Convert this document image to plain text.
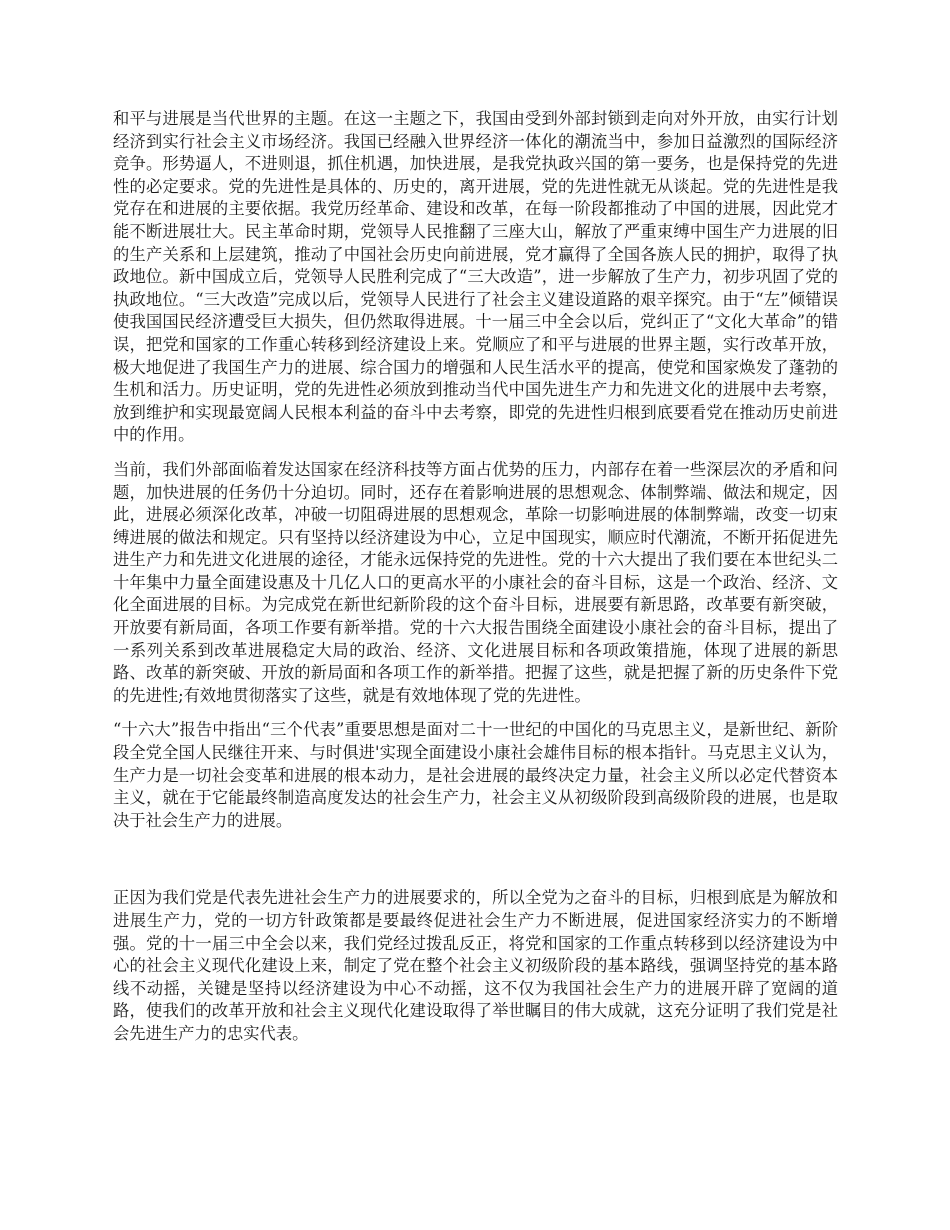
和平与进展是当代世界的主题。在这一主题之下，我国由受到外部封锁到走向对外开放，由实行计划经济到实行社会主义市场经济。我国已经融入世界经济一体化的潮流当中，参加日益激烈的国际经济竞争。形势逼人，不进则退，抓住机遇，加快进展，是我党执政兴国的第一要务，也是保持党的先进性的必定要求。党的先进性是具体的、历史的，离开进展，党的先进性就无从谈起。党的先进性是我党存在和进展的主要依据。我党历经革命、建设和改革，在每一阶段都推动了中国的进展，因此党才能不断进展壮大。民主革命时期，党领导人民推翻了三座大山，解放了严重束缚中国生产力进展的旧的生产关系和上层建筑，推动了中国社会历史向前进展，党才赢得了全国各族人民的拥护，取得了执政地位。新中国成立后，党领导人民胜利完成了“三大改造”，进一步解放了生产力，初步巩固了党的执政地位。“三大改造”完成以后，党领导人民进行了社会主义建设道路的艰辛探究。由于“左”倾错误使我国国民经济遭受巨大损失，但仍然取得进展。十一届三中全会以后，党纠正了“文化大革命”的错误，把党和国家的工作重心转移到经济建设上来。党顺应了和平与进展的世界主题，实行改革开放，极大地促进了我国生产力的进展、综合国力的增强和人民生活水平的提高，使党和国家焕发了蓬勃的生机和活力。历史证明，党的先进性必须放到推动当代中国先进生产力和先进文化的进展中去考察，放到维护和实现最宽阔人民根本利益的奋斗中去考察，即党的先进性归根到底要看党在推动历史前进中的作用。

当前，我们外部面临着发达国家在经济科技等方面占优势的压力，内部存在着一些深层次的矛盾和问题，加快进展的任务仍十分迫切。同时，还存在着影响进展的思想观念、体制弊端、做法和规定，因此，进展必须深化改革，冲破一切阻碍进展的思想观念，革除一切影响进展的体制弊端，改变一切束缚进展的做法和规定。只有坚持以经济建设为中心，立足中国现实，顺应时代潮流，不断开拓促进先进生产力和先进文化进展的途径，才能永远保持党的先进性。党的十六大提出了我们要在本世纪头二十年集中力量全面建设惠及十几亿人口的更高水平的小康社会的奋斗目标，这是一个政治、经济、文化全面进展的目标。为完成党在新世纪新阶段的这个奋斗目标，进展要有新思路，改革要有新突破，开放要有新局面，各项工作要有新举措。党的十六大报告围绕全面建设小康社会的奋斗目标，提出了一系列关系到改革进展稳定大局的政治、经济、文化进展目标和各项政策措施，体现了进展的新思路、改革的新突破、开放的新局面和各项工作的新举措。把握了这些，就是把握了新的历史条件下党的先进性;有效地贯彻落实了这些，就是有效地体现了党的先进性。

“十六大”报告中指出“三个代表”重要思想是面对二十一世纪的中国化的马克思主义，是新世纪、新阶段全党全国人民继往开来、与时俱进'实现全面建设小康社会雄伟目标的根本指针。马克思主义认为，生产力是一切社会变革和进展的根本动力，是社会进展的最终决定力量，社会主义所以必定代替资本主义，就在于它能最终制造高度发达的社会生产力，社会主义从初级阶段到高级阶段的进展，也是取决于社会生产力的进展。

正因为我们党是代表先进社会生产力的进展要求的，所以全党为之奋斗的目标，归根到底是为解放和进展生产力，党的一切方针政策都是要最终促进社会生产力不断进展，促进国家经济实力的不断增强。党的十一届三中全会以来，我们党经过拨乱反正，将党和国家的工作重点转移到以经济建设为中心的社会主义现代化建设上来，制定了党在整个社会主义初级阶段的基本路线，强调坚持党的基本路线不动摇，关键是坚持以经济建设为中心不动摇，这不仅为我国社会生产力的进展开辟了宽阔的道路，使我们的改革开放和社会主义现代化建设取得了举世瞩目的伟大成就，这充分证明了我们党是社会先进生产力的忠实代表。
